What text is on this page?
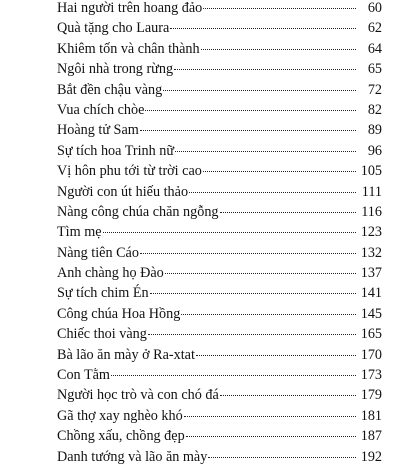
Hai người trên hoang đảo	60
Quà tặng cho Laura	62
Khiêm tốn và chân thành	64
Ngôi nhà trong rừng	65
Bắt đền chậu vàng	72
Vua chích chòe	82
Hoàng tử Sam	89
Sự tích hoa Trinh nữ	96
Vị hôn phu tới từ trời cao	105
Người con út hiếu thảo	111
Nàng công chúa chăn ngỗng	116
Tìm mẹ	123
Nàng tiên Cáo	132
Anh chàng họ Đào	137
Sự tích chim Én	141
Công chúa Hoa Hồng	145
Chiếc thoi vàng	165
Bà lão ăn mày ở Ra-xtat	170
Con Tằm	173
Người học trò và con chó đá	179
Gã thợ xay nghèo khó	181
Chồng xấu, chồng đẹp	187
Danh tướng và lão ăn mày	192
